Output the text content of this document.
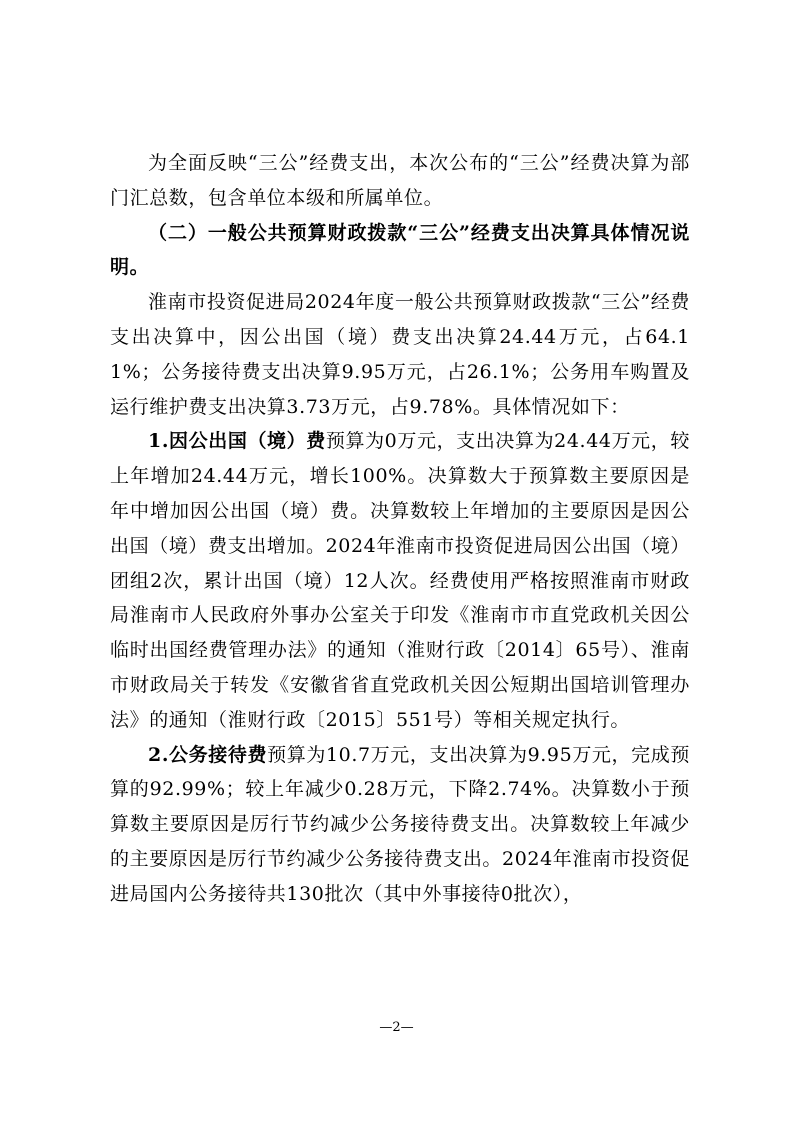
为全面反映“三公”经费支出，本次公布的“三公”经费决算为部门汇总数，包含单位本级和所属单位。

（二）一般公共预算财政拨款“三公”经费支出决算具体情况说明。

淮南市投资促进局2024年度一般公共预算财政拨款“三公”经费支出决算中，因公出国（境）费支出决算24.44万元，占64.11%；公务接待费支出决算9.95万元，占26.1%；公务用车购置及运行维护费支出决算3.73万元，占9.78%。具体情况如下：

1.因公出国（境）费预算为0万元，支出决算为24.44万元，较上年增加24.44万元，增长100%。决算数大于预算数主要原因是年中增加因公出国（境）费。决算数较上年增加的主要原因是因公出国（境）费支出增加。2024年淮南市投资促进局因公出国（境）团组2次，累计出国（境）12人次。经费使用严格按照淮南市财政局淮南市人民政府外事办公室关于印发《淮南市市直党政机关因公临时出国经费管理办法》的通知（淮财行政〔2014〕65号）、淮南市财政局关于转发《安徽省省直党政机关因公短期出国培训管理办法》的通知（淮财行政〔2015〕551号）等相关规定执行。

2.公务接待费预算为10.7万元，支出决算为9.95万元，完成预算的92.99%；较上年减少0.28万元，下降2.74%。决算数小于预算数主要原因是厉行节约减少公务接待费支出。决算数较上年减少的主要原因是厉行节约减少公务接待费支出。2024年淮南市投资促进局国内公务接待共130批次（其中外事接待0批次），

—2—
